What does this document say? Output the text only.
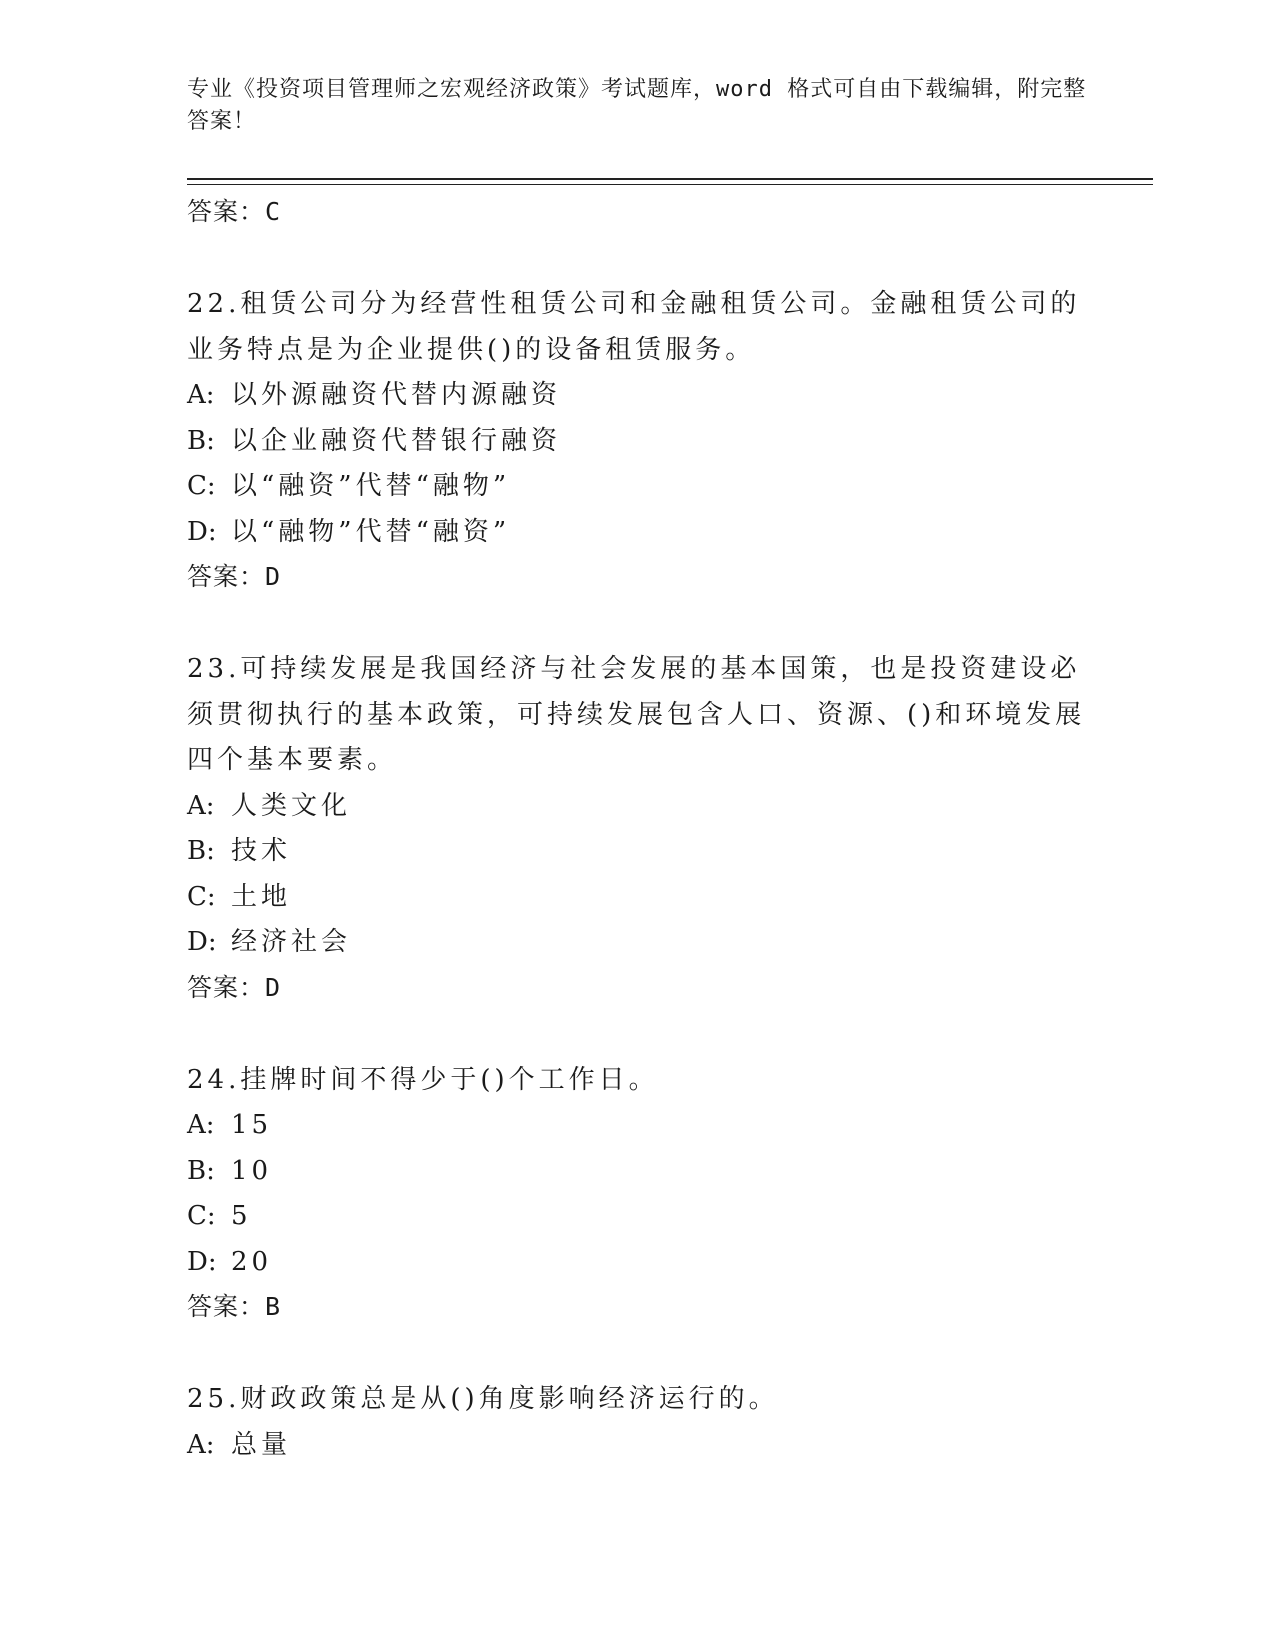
专业《投资项目管理师之宏观经济政策》考试题库，word 格式可自由下载编辑，附完整答案！
答案：C
22.租赁公司分为经营性租赁公司和金融租赁公司。金融租赁公司的业务特点是为企业提供()的设备租赁服务。
A: 以外源融资代替内源融资
B: 以企业融资代替银行融资
C: 以“融资”代替“融物”
D: 以“融物”代替“融资”
答案：D
23.可持续发展是我国经济与社会发展的基本国策，也是投资建设必须贯彻执行的基本政策，可持续发展包含人口、资源、()和环境发展四个基本要素。
A: 人类文化
B: 技术
C: 土地
D: 经济社会
答案：D
24.挂牌时间不得少于()个工作日。
A: 15
B: 10
C: 5
D: 20
答案：B
25.财政政策总是从()角度影响经济运行的。
A: 总量
